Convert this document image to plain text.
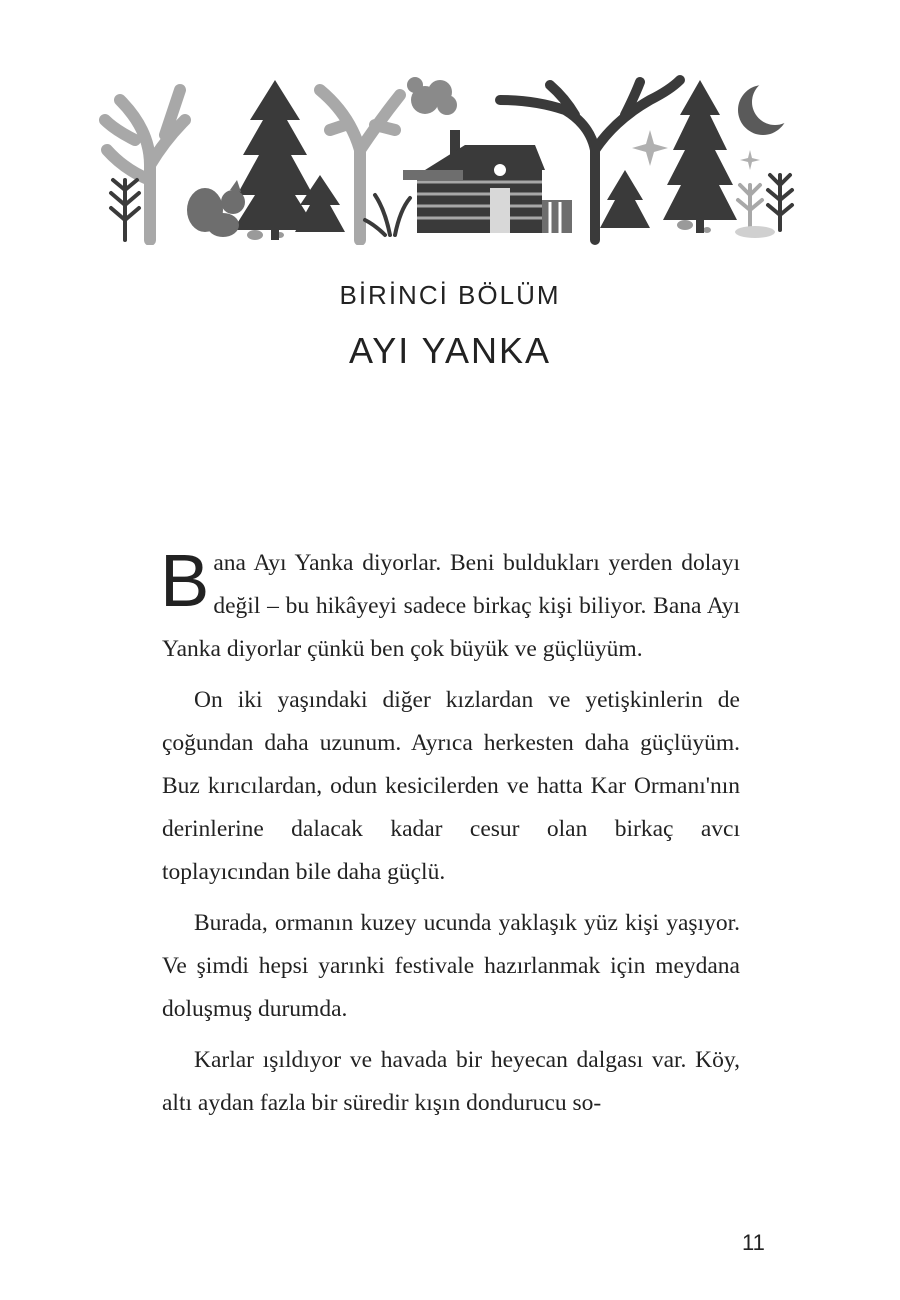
BİRİNCİ BÖLÜM
AYI YANKA

Bana Ayı Yanka diyorlar. Beni buldukları yerden dolayı değil – bu hikâyeyi sadece birkaç kişi biliyor. Bana Ayı Yanka diyorlar çünkü ben çok büyük ve güçlüyüm.

On iki yaşındaki diğer kızlardan ve yetişkinlerin de çoğundan daha uzunum. Ayrıca herkesten daha güçlüyüm. Buz kırıcılardan, odun kesicilerden ve hatta Kar Ormanı'nın derinlerine dalacak kadar cesur olan birkaç avcı toplayıcından bile daha güçlü.

Burada, ormanın kuzey ucunda yaklaşık yüz kişi yaşıyor. Ve şimdi hepsi yarınki festivale hazırlanmak için meydana doluşmuş durumda.

Karlar ışıldıyor ve havada bir heyecan dalgası var. Köy, altı aydan fazla bir süredir kışın dondurucu so-

11
